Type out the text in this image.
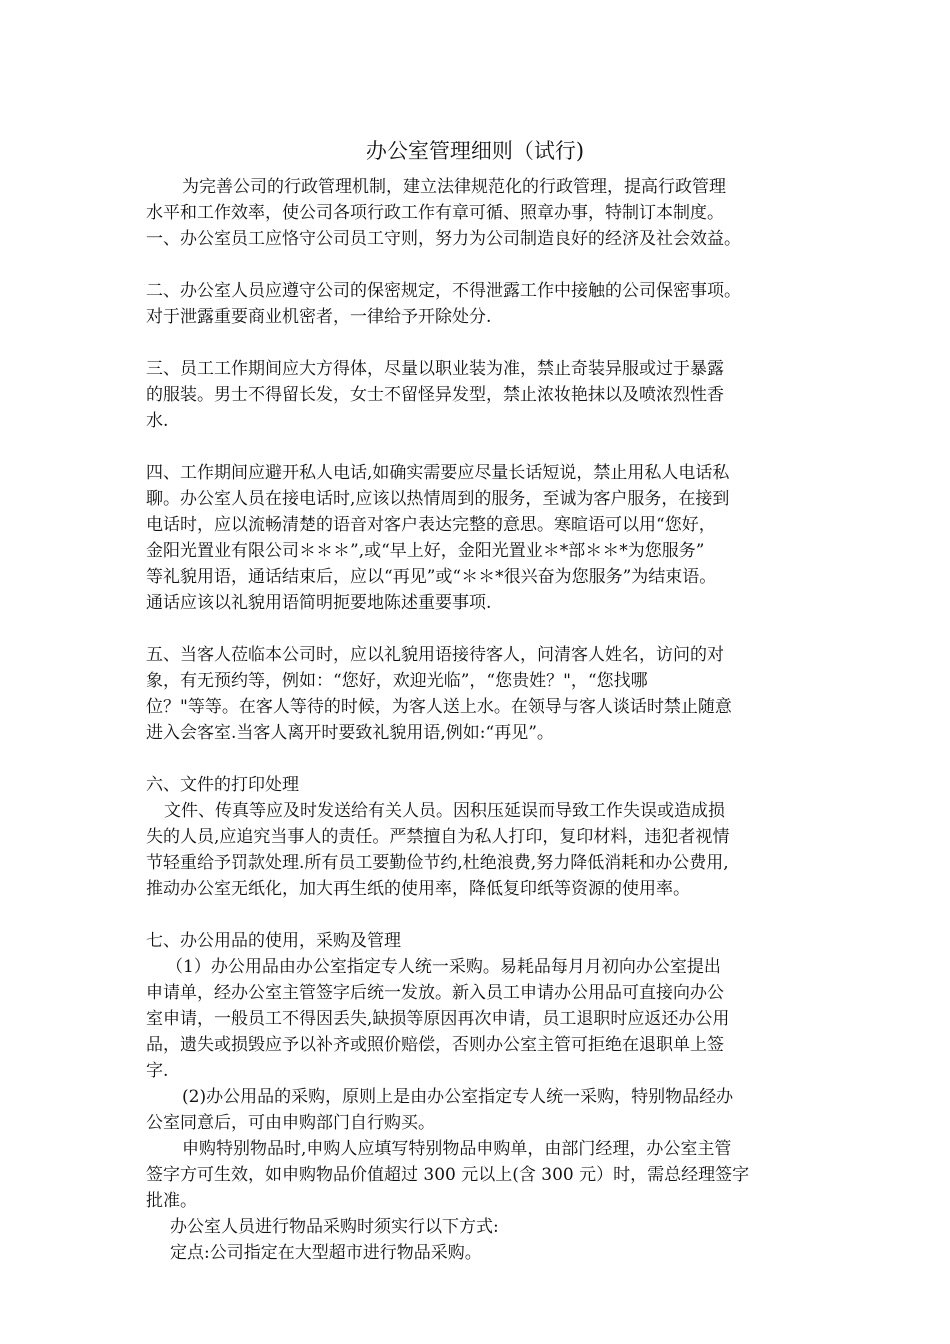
办公室管理细则（试行)
为完善公司的行政管理机制，建立法律规范化的行政管理，提高行政管理
水平和工作效率，使公司各项行政工作有章可循、照章办事，特制订本制度。
一、办公室员工应恪守公司员工守则，努力为公司制造良好的经济及社会效益。
二、办公室人员应遵守公司的保密规定，不得泄露工作中接触的公司保密事项。
对于泄露重要商业机密者，一律给予开除处分.
三、员工工作期间应大方得体，尽量以职业装为准，禁止奇装异服或过于暴露
的服装。男士不得留长发，女士不留怪异发型，禁止浓妆艳抹以及喷浓烈性香
水.
四、工作期间应避开私人电话,如确实需要应尽量长话短说，禁止用私人电话私
聊。办公室人员在接电话时,应该以热情周到的服务，至诚为客户服务，在接到
电话时，应以流畅清楚的语音对客户表达完整的意思。寒暄语可以用“您好，
金阳光置业有限公司＊＊＊”,或“早上好，金阳光置业＊*部＊＊*为您服务”
等礼貌用语，通话结束后，应以“再见”或“＊＊*很兴奋为您服务”为结束语。
通话应该以礼貌用语简明扼要地陈述重要事项.
五、当客人莅临本公司时，应以礼貌用语接待客人，问清客人姓名，访问的对
象，有无预约等，例如：“您好，欢迎光临”，“您贵姓？"，“您找哪
位？"等等。在客人等待的时候，为客人送上水。在领导与客人谈话时禁止随意
进入会客室.当客人离开时要致礼貌用语,例如:“再见”。
六、文件的打印处理
文件、传真等应及时发送给有关人员。因积压延误而导致工作失误或造成损
失的人员,应追究当事人的责任。严禁擅自为私人打印，复印材料，违犯者视情
节轻重给予罚款处理.所有员工要勤俭节约,杜绝浪费,努力降低消耗和办公费用,
推动办公室无纸化，加大再生纸的使用率，降低复印纸等资源的使用率。
七、办公用品的使用，采购及管理
（1）办公用品由办公室指定专人统一采购。易耗品每月月初向办公室提出
申请单，经办公室主管签字后统一发放。新入员工申请办公用品可直接向办公
室申请，一般员工不得因丢失,缺损等原因再次申请，员工退职时应返还办公用
品，遗失或损毁应予以补齐或照价赔偿，否则办公室主管可拒绝在退职单上签
字.
(2)办公用品的采购，原则上是由办公室指定专人统一采购，特别物品经办
公室同意后，可由申购部门自行购买。
申购特别物品时,申购人应填写特别物品申购单，由部门经理，办公室主管
签字方可生效，如申购物品价值超过 300 元以上(含 300 元）时，需总经理签字
批准。
办公室人员进行物品采购时须实行以下方式:
定点:公司指定在大型超市进行物品采购。
